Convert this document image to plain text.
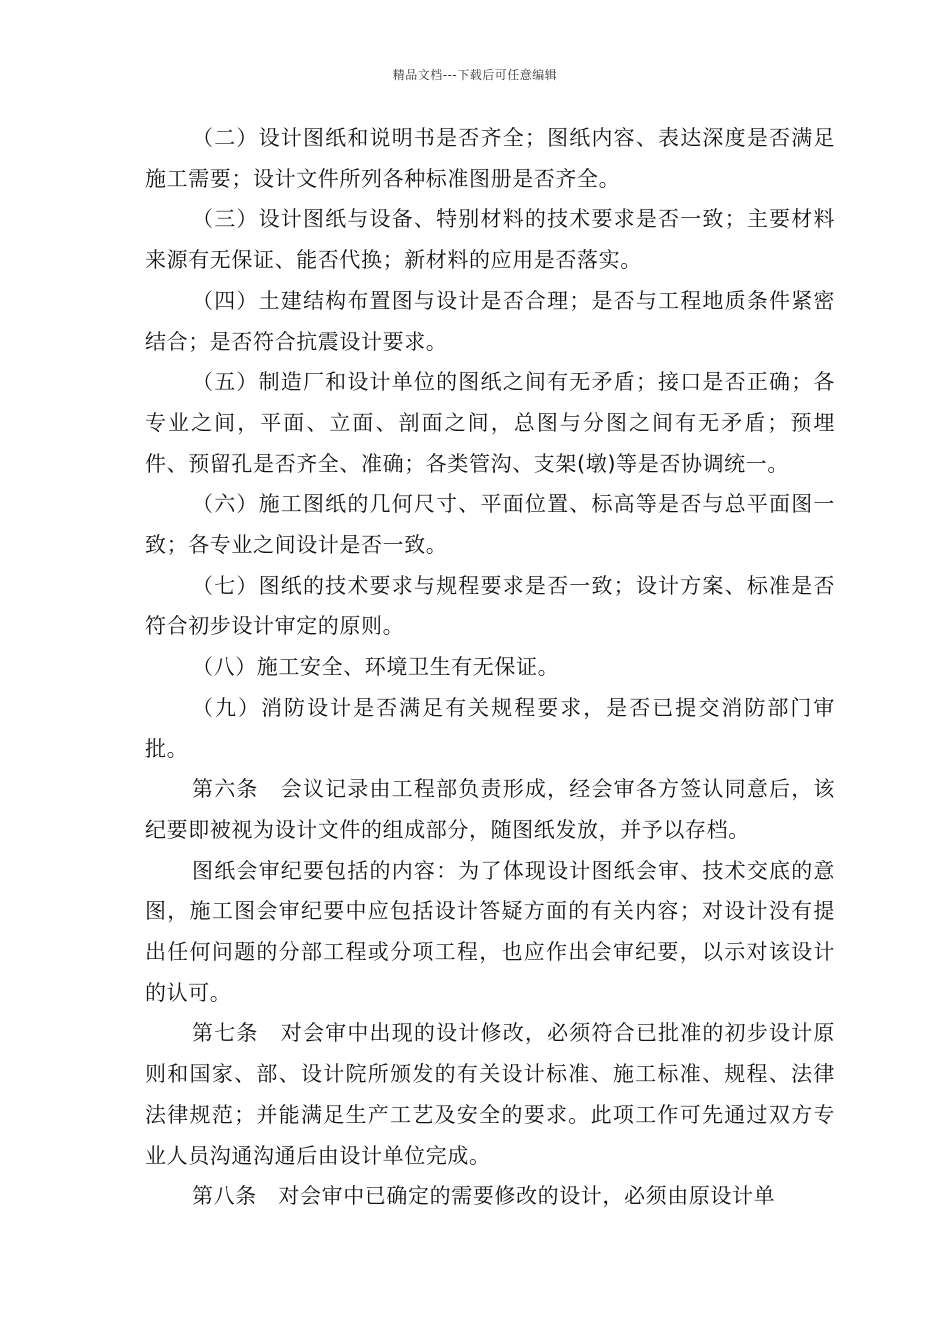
精品文档---下载后可任意编辑

（二）设计图纸和说明书是否齐全；图纸内容、表达深度是否满足施工需要；设计文件所列各种标准图册是否齐全。

（三）设计图纸与设备、特别材料的技术要求是否一致；主要材料来源有无保证、能否代换；新材料的应用是否落实。

（四）土建结构布置图与设计是否合理；是否与工程地质条件紧密结合；是否符合抗震设计要求。

（五）制造厂和设计单位的图纸之间有无矛盾；接口是否正确；各专业之间，平面、立面、剖面之间，总图与分图之间有无矛盾；预埋件、预留孔是否齐全、准确；各类管沟、支架(墩)等是否协调统一。

（六）施工图纸的几何尺寸、平面位置、标高等是否与总平面图一致；各专业之间设计是否一致。

（七）图纸的技术要求与规程要求是否一致；设计方案、标准是否符合初步设计审定的原则。

（八）施工安全、环境卫生有无保证。

（九）消防设计是否满足有关规程要求，是否已提交消防部门审批。

第六条　会议记录由工程部负责形成，经会审各方签认同意后，该纪要即被视为设计文件的组成部分，随图纸发放，并予以存档。

图纸会审纪要包括的内容：为了体现设计图纸会审、技术交底的意图，施工图会审纪要中应包括设计答疑方面的有关内容；对设计没有提出任何问题的分部工程或分项工程，也应作出会审纪要，以示对该设计的认可。

第七条　对会审中出现的设计修改，必须符合已批准的初步设计原则和国家、部、设计院所颁发的有关设计标准、施工标准、规程、法律法律规范；并能满足生产工艺及安全的要求。此项工作可先通过双方专业人员沟通沟通后由设计单位完成。

第八条　对会审中已确定的需要修改的设计，必须由原设计单
